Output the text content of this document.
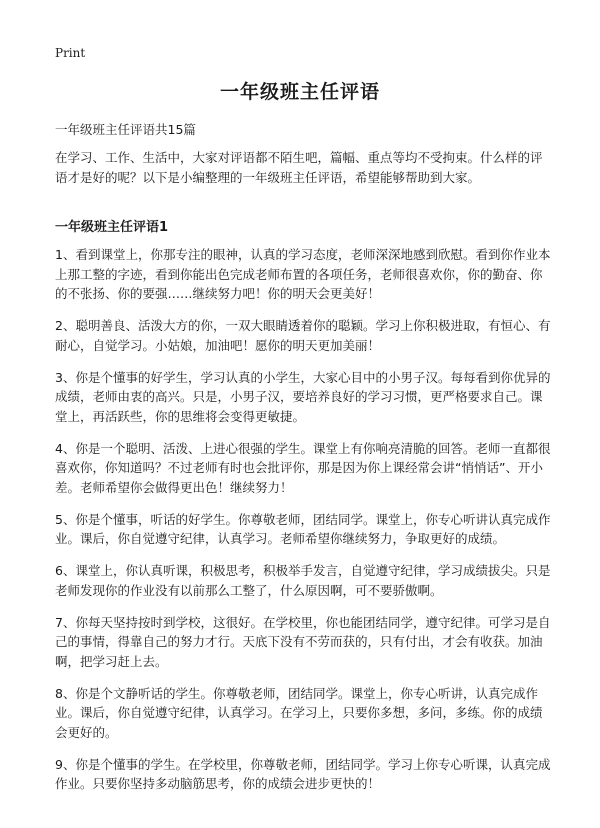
Print
一年级班主任评语
一年级班主任评语共15篇
在学习、工作、生活中，大家对评语都不陌生吧，篇幅、重点等均不受拘束。什么样的评语才是好的呢？以下是小编整理的一年级班主任评语，希望能够帮助到大家。
一年级班主任评语1
1、看到课堂上，你那专注的眼神，认真的学习态度，老师深深地感到欣慰。看到你作业本上那工整的字迹，看到你能出色完成老师布置的各项任务，老师很喜欢你，你的勤奋、你的不张扬、你的要强……继续努力吧！你的明天会更美好！
2、聪明善良、活泼大方的你，一双大眼睛透着你的聪颖。学习上你积极进取，有恒心、有耐心，自觉学习。小姑娘，加油吧！愿你的明天更加美丽！
3、你是个懂事的好学生，学习认真的小学生，大家心目中的小男子汉。每每看到你优异的成绩，老师由衷的高兴。只是，小男子汉，要培养良好的学习习惯，更严格要求自己。课堂上，再活跃些，你的思维将会变得更敏捷。
4、你是一个聪明、活泼、上进心很强的学生。课堂上有你响亮清脆的回答。老师一直都很喜欢你，你知道吗？不过老师有时也会批评你，那是因为你上课经常会讲“悄悄话”、开小差。老师希望你会做得更出色！继续努力！
5、你是个懂事，听话的好学生。你尊敬老师，团结同学。课堂上，你专心听讲认真完成作业。课后，你自觉遵守纪律，认真学习。老师希望你继续努力，争取更好的成绩。
6、课堂上，你认真听课，积极思考，积极举手发言，自觉遵守纪律，学习成绩拔尖。只是老师发现你的作业没有以前那么工整了，什么原因啊，可不要骄傲啊。
7、你每天坚持按时到学校，这很好。在学校里，你也能团结同学，遵守纪律。可学习是自己的事情，得靠自己的努力才行。天底下没有不劳而获的，只有付出，才会有收获。加油啊，把学习赶上去。
8、你是个文静听话的学生。你尊敬老师，团结同学。课堂上，你专心听讲，认真完成作业。课后，你自觉遵守纪律，认真学习。在学习上，只要你多想，多问，多练。你的成绩会更好的。
9、你是个懂事的学生。在学校里，你尊敬老师，团结同学。学习上你专心听课，认真完成作业。只要你坚持多动脑筋思考，你的成绩会进步更快的！
